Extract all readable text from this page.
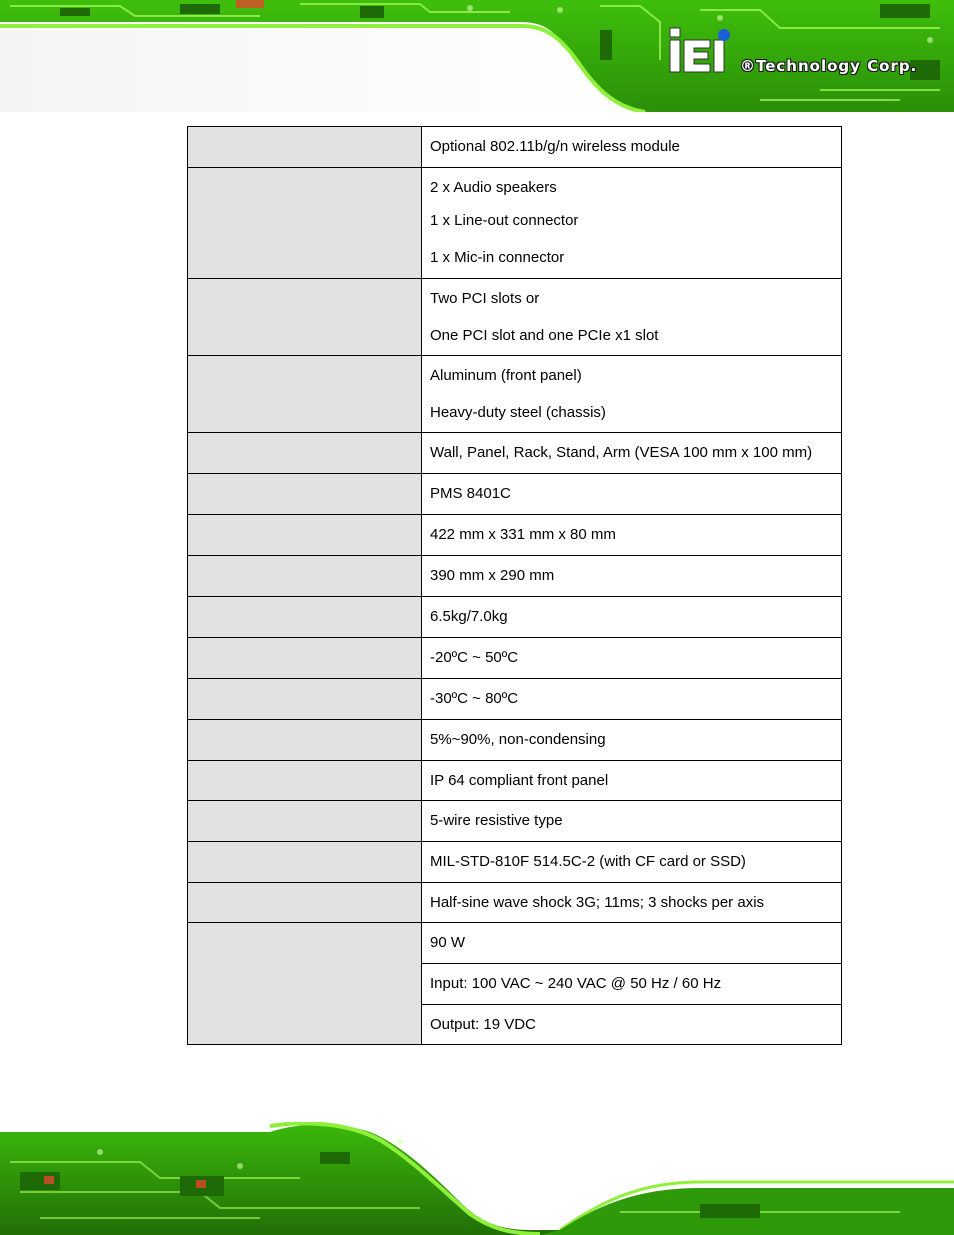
®Technology Corp.

	Optional 802.11b/g/n wireless module

	2 x Audio speakers
1 x Line-out connector
1 x Mic-in connector

	Two PCI slots or
One PCI slot and one PCIe x1 slot

	Aluminum (front panel)
Heavy-duty steel (chassis)

	Wall, Panel, Rack, Stand, Arm (VESA 100 mm x 100 mm)

	PMS 8401C

	422 mm x 331 mm x 80 mm

	390 mm x 290 mm

	6.5kg/7.0kg

	-20ºC ~ 50ºC

	-30ºC ~ 80ºC

	5%~90%, non-condensing

	IP 64 compliant front panel

	5-wire resistive type

	MIL-STD-810F 514.5C-2 (with CF card or SSD)

	Half-sine wave shock 3G; 11ms; 3 shocks per axis

	90 W

	Input: 100 VAC ~ 240 VAC @ 50 Hz / 60 Hz

	Output: 19 VDC
